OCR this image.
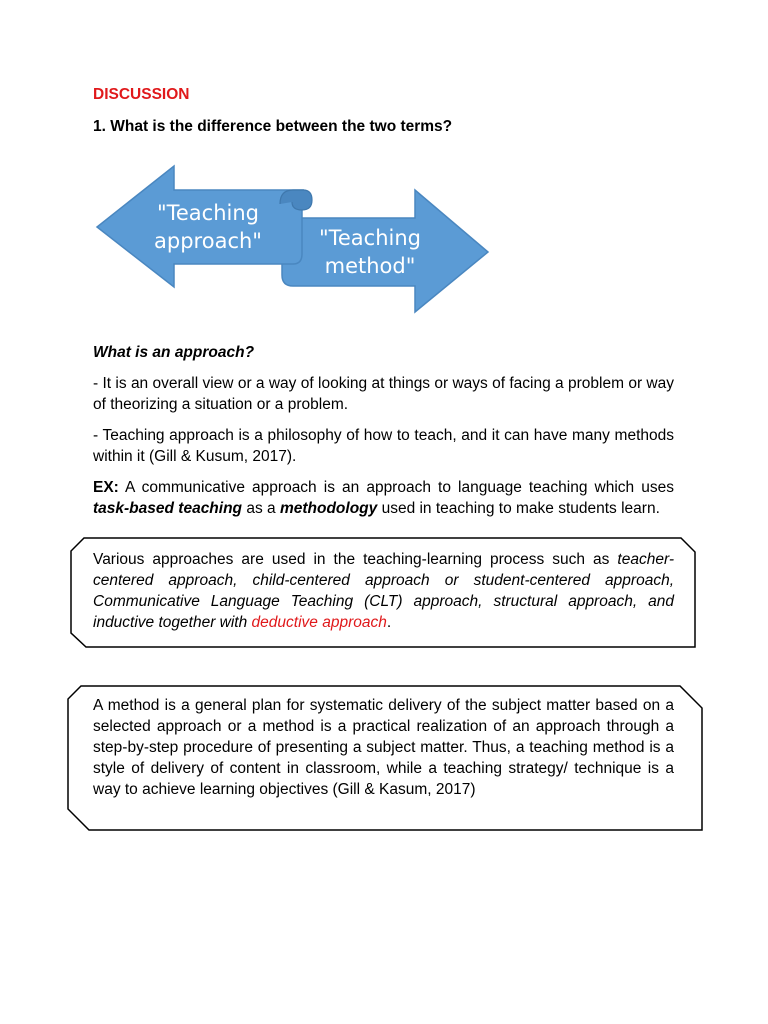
DISCUSSION
1. What is the difference between the two terms?
"Teaching
approach"	"Teaching
method"
What is an approach?
- It is an overall view or a way of looking at things or ways of facing a problem or way of theorizing a situation or a problem.
- Teaching approach is a philosophy of how to teach, and it can have many methods within it (Gill & Kusum, 2017).
EX: A communicative approach is an approach to language teaching which uses task-based teaching as a methodology used in teaching to make students learn.
Various approaches are used in the teaching-learning process such as teacher-centered approach, child-centered approach or student-centered approach, Communicative Language Teaching (CLT) approach, structural approach, and inductive together with deductive approach.
A method is a general plan for systematic delivery of the subject matter based on a selected approach or a method is a practical realization of an approach through a step-by-step procedure of presenting a subject matter. Thus, a teaching method is a style of delivery of content in classroom, while a teaching strategy/ technique is a way to achieve learning objectives (Gill & Kasum, 2017)
